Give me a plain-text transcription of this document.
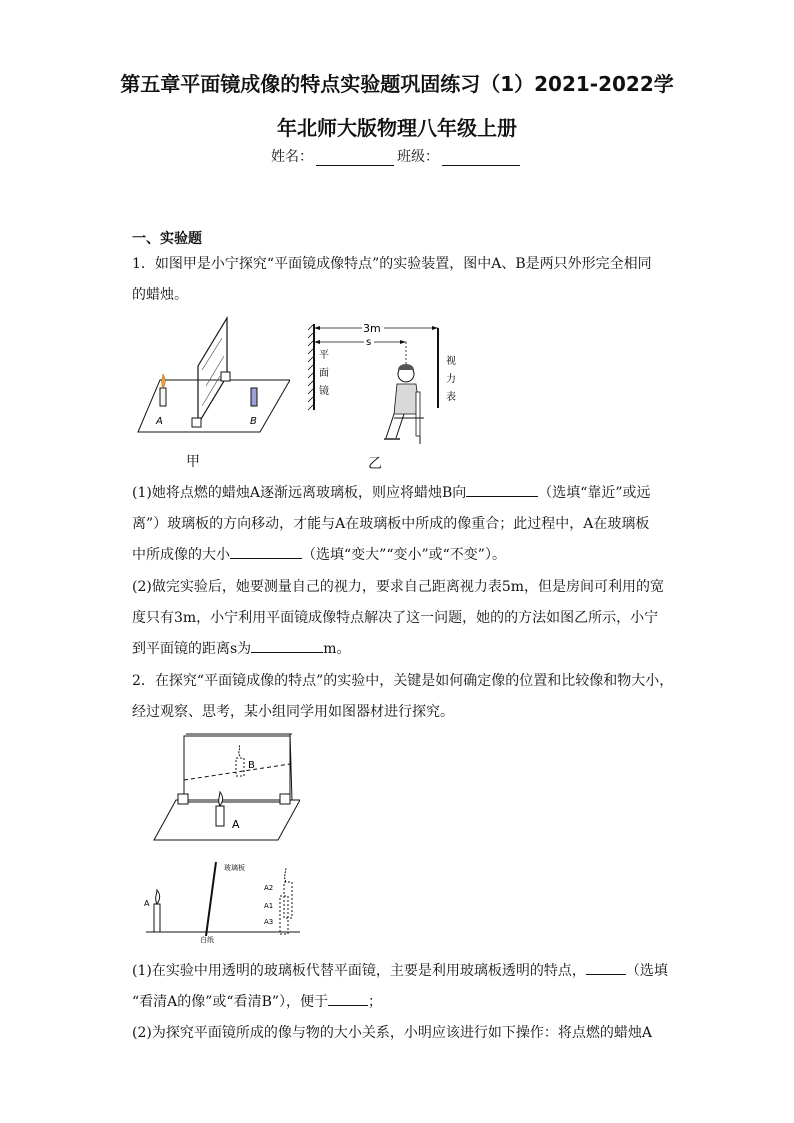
第五章平面镜成像的特点实验题巩固练习（1）2021-2022学
年北师大版物理八年级上册
姓名：	班级：
一、实验题
1．如图甲是小宁探究“平面镜成像特点”的实验装置，图中A、B是两只外形完全相同
的蜡烛。
A	B
甲
3m
s
平
面
镜
视
力
表
乙
(1)她将点燃的蜡烛A逐渐远离玻璃板，则应将蜡烛B向	（选填“靠近”或远
离”）玻璃板的方向移动，才能与A在玻璃板中所成的像重合；此过程中，A在玻璃板
中所成像的大小	（选填“变大”“变小”或“不变”）。
(2)做完实验后，她要测量自己的视力，要求自己距离视力表5m，但是房间可利用的宽
度只有3m，小宁利用平面镜成像特点解决了这一问题，她的的方法如图乙所示，小宁
到平面镜的距离s为	m。
2．在探究“平面镜成像的特点”的实验中，关键是如何确定像的位置和比较像和物大小，
经过观察、思考，某小组同学用如图器材进行探究。
B
A
A
玻璃板
白纸
A2
A1
A3
(1)在实验中用透明的玻璃板代替平面镜，主要是利用玻璃板透明的特点，	（选填
“看清A的像”或“看清B”），便于	；
(2)为探究平面镜所成的像与物的大小关系，小明应该进行如下操作：将点燃的蜡烛A
